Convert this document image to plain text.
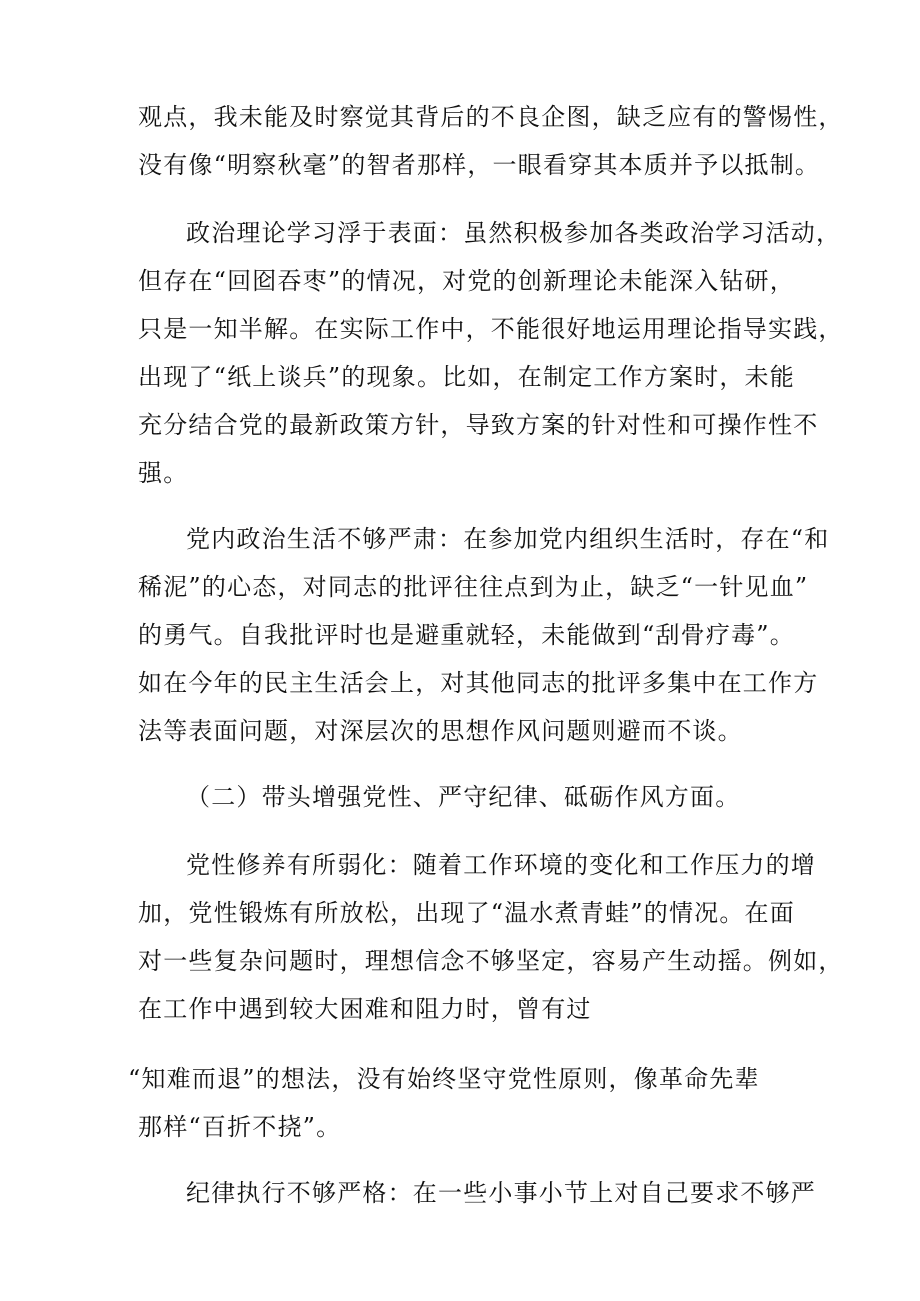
观点，我未能及时察觉其背后的不良企图，缺乏应有的警惕性，
没有像“明察秋毫”的智者那样，一眼看穿其本质并予以抵制。
政治理论学习浮于表面：虽然积极参加各类政治学习活动，
但存在“回囵吞枣”的情况，对党的创新理论未能深入钻研，
只是一知半解。在实际工作中，不能很好地运用理论指导实践，
出现了“纸上谈兵”的现象。比如，在制定工作方案时，未能
充分结合党的最新政策方针，导致方案的针对性和可操作性不
强。
党内政治生活不够严肃：在参加党内组织生活时，存在“和
稀泥”的心态，对同志的批评往往点到为止，缺乏“一针见血”
的勇气。自我批评时也是避重就轻，未能做到“刮骨疗毒”。
如在今年的民主生活会上，对其他同志的批评多集中在工作方
法等表面问题，对深层次的思想作风问题则避而不谈。
（二）带头增强党性、严守纪律、砥砺作风方面。
党性修养有所弱化：随着工作环境的变化和工作压力的增
加，党性锻炼有所放松，出现了“温水煮青蛙”的情况。在面
对一些复杂问题时，理想信念不够坚定，容易产生动摇。例如，
在工作中遇到较大困难和阻力时，曾有过
“知难而退”的想法，没有始终坚守党性原则，像革命先辈
那样“百折不挠”。
纪律执行不够严格：在一些小事小节上对自己要求不够严
